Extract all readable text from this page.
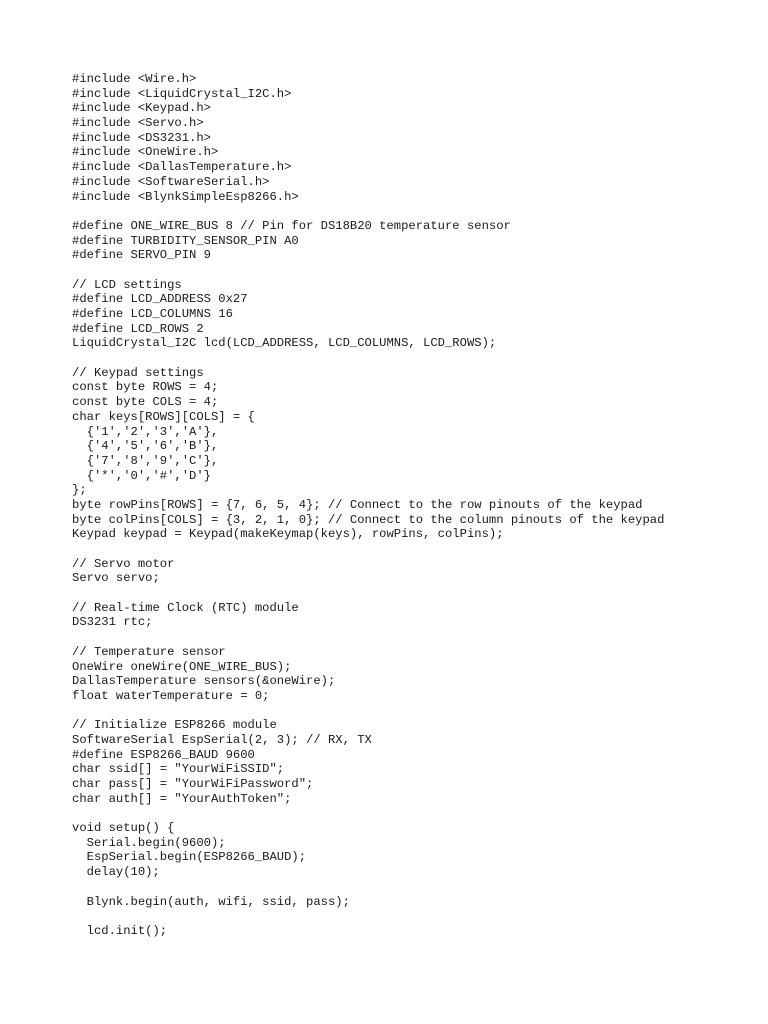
#include <Wire.h>
#include <LiquidCrystal_I2C.h>
#include <Keypad.h>
#include <Servo.h>
#include <DS3231.h>
#include <OneWire.h>
#include <DallasTemperature.h>
#include <SoftwareSerial.h>
#include <BlynkSimpleEsp8266.h>
#define ONE_WIRE_BUS 8 // Pin for DS18B20 temperature sensor
#define TURBIDITY_SENSOR_PIN A0
#define SERVO_PIN 9
// LCD settings
#define LCD_ADDRESS 0x27
#define LCD_COLUMNS 16
#define LCD_ROWS 2
LiquidCrystal_I2C lcd(LCD_ADDRESS, LCD_COLUMNS, LCD_ROWS);
// Keypad settings
const byte ROWS = 4;
const byte COLS = 4;
char keys[ROWS][COLS] = {
{'1','2','3','A'},
{'4','5','6','B'},
{'7','8','9','C'},
{'*','0','#','D'}
};
byte rowPins[ROWS] = {7, 6, 5, 4}; // Connect to the row pinouts of the keypad
byte colPins[COLS] = {3, 2, 1, 0}; // Connect to the column pinouts of the keypad
Keypad keypad = Keypad(makeKeymap(keys), rowPins, colPins);
// Servo motor
Servo servo;
// Real-time Clock (RTC) module
DS3231 rtc;
// Temperature sensor
OneWire oneWire(ONE_WIRE_BUS);
DallasTemperature sensors(&oneWire);
float waterTemperature = 0;
// Initialize ESP8266 module
SoftwareSerial EspSerial(2, 3); // RX, TX
#define ESP8266_BAUD 9600
char ssid[] = "YourWiFiSSID";
char pass[] = "YourWiFiPassword";
char auth[] = "YourAuthToken";
void setup() {
Serial.begin(9600);
EspSerial.begin(ESP8266_BAUD);
delay(10);
Blynk.begin(auth, wifi, ssid, pass);
lcd.init();
